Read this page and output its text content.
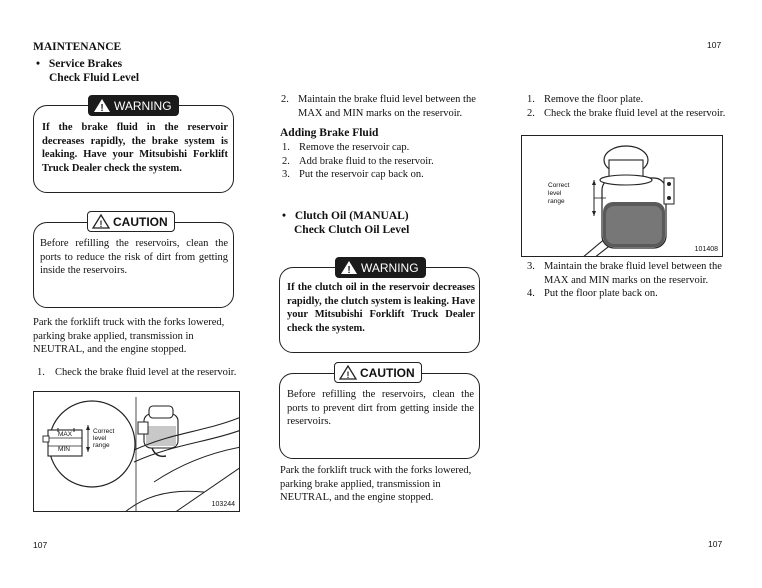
MAINTENANCE	107
• Service Brakes
Check Fluid Level
If the brake fluid in the reservoir decreases rapidly, the brake system is leaking. Have your Mitsubishi Forklift Truck Dealer check the system.
! WARNING
Before refilling the reservoirs, clean the ports to reduce the risk of dirt from getting inside the reservoirs.
! CAUTION
Park the forklift truck with the forks lowered, parking brake applied, transmission in NEUTRAL, and the engine stopped.
1. Check the brake fluid level at the reservoir.
MAX
MIN
Correct
level
range
103244
107
2. Maintain the brake fluid level between the MAX and MIN marks on the reservoir.
Adding Brake Fluid
1. Remove the reservoir cap.
2. Add brake fluid to the reservoir.
3. Put the reservoir cap back on.
• Clutch Oil (MANUAL)
Check Clutch Oil Level
If the clutch oil in the reservoir decreases rapidly, the clutch system is leaking. Have your Mitsubishi Forklift Truck Dealer check the system.
! WARNING
Before refilling the reservoirs, clean the ports to prevent dirt from getting inside the reservoirs.
! CAUTION
Park the forklift truck with the forks lowered, parking brake applied, transmission in NEUTRAL, and the engine stopped.
1. Remove the floor plate.
2. Check the brake fluid level at the reservoir.
Correct
level
range	MAX
101408
3. Maintain the brake fluid level between the MAX and MIN marks on the reservoir.
4. Put the floor plate back on.
107
